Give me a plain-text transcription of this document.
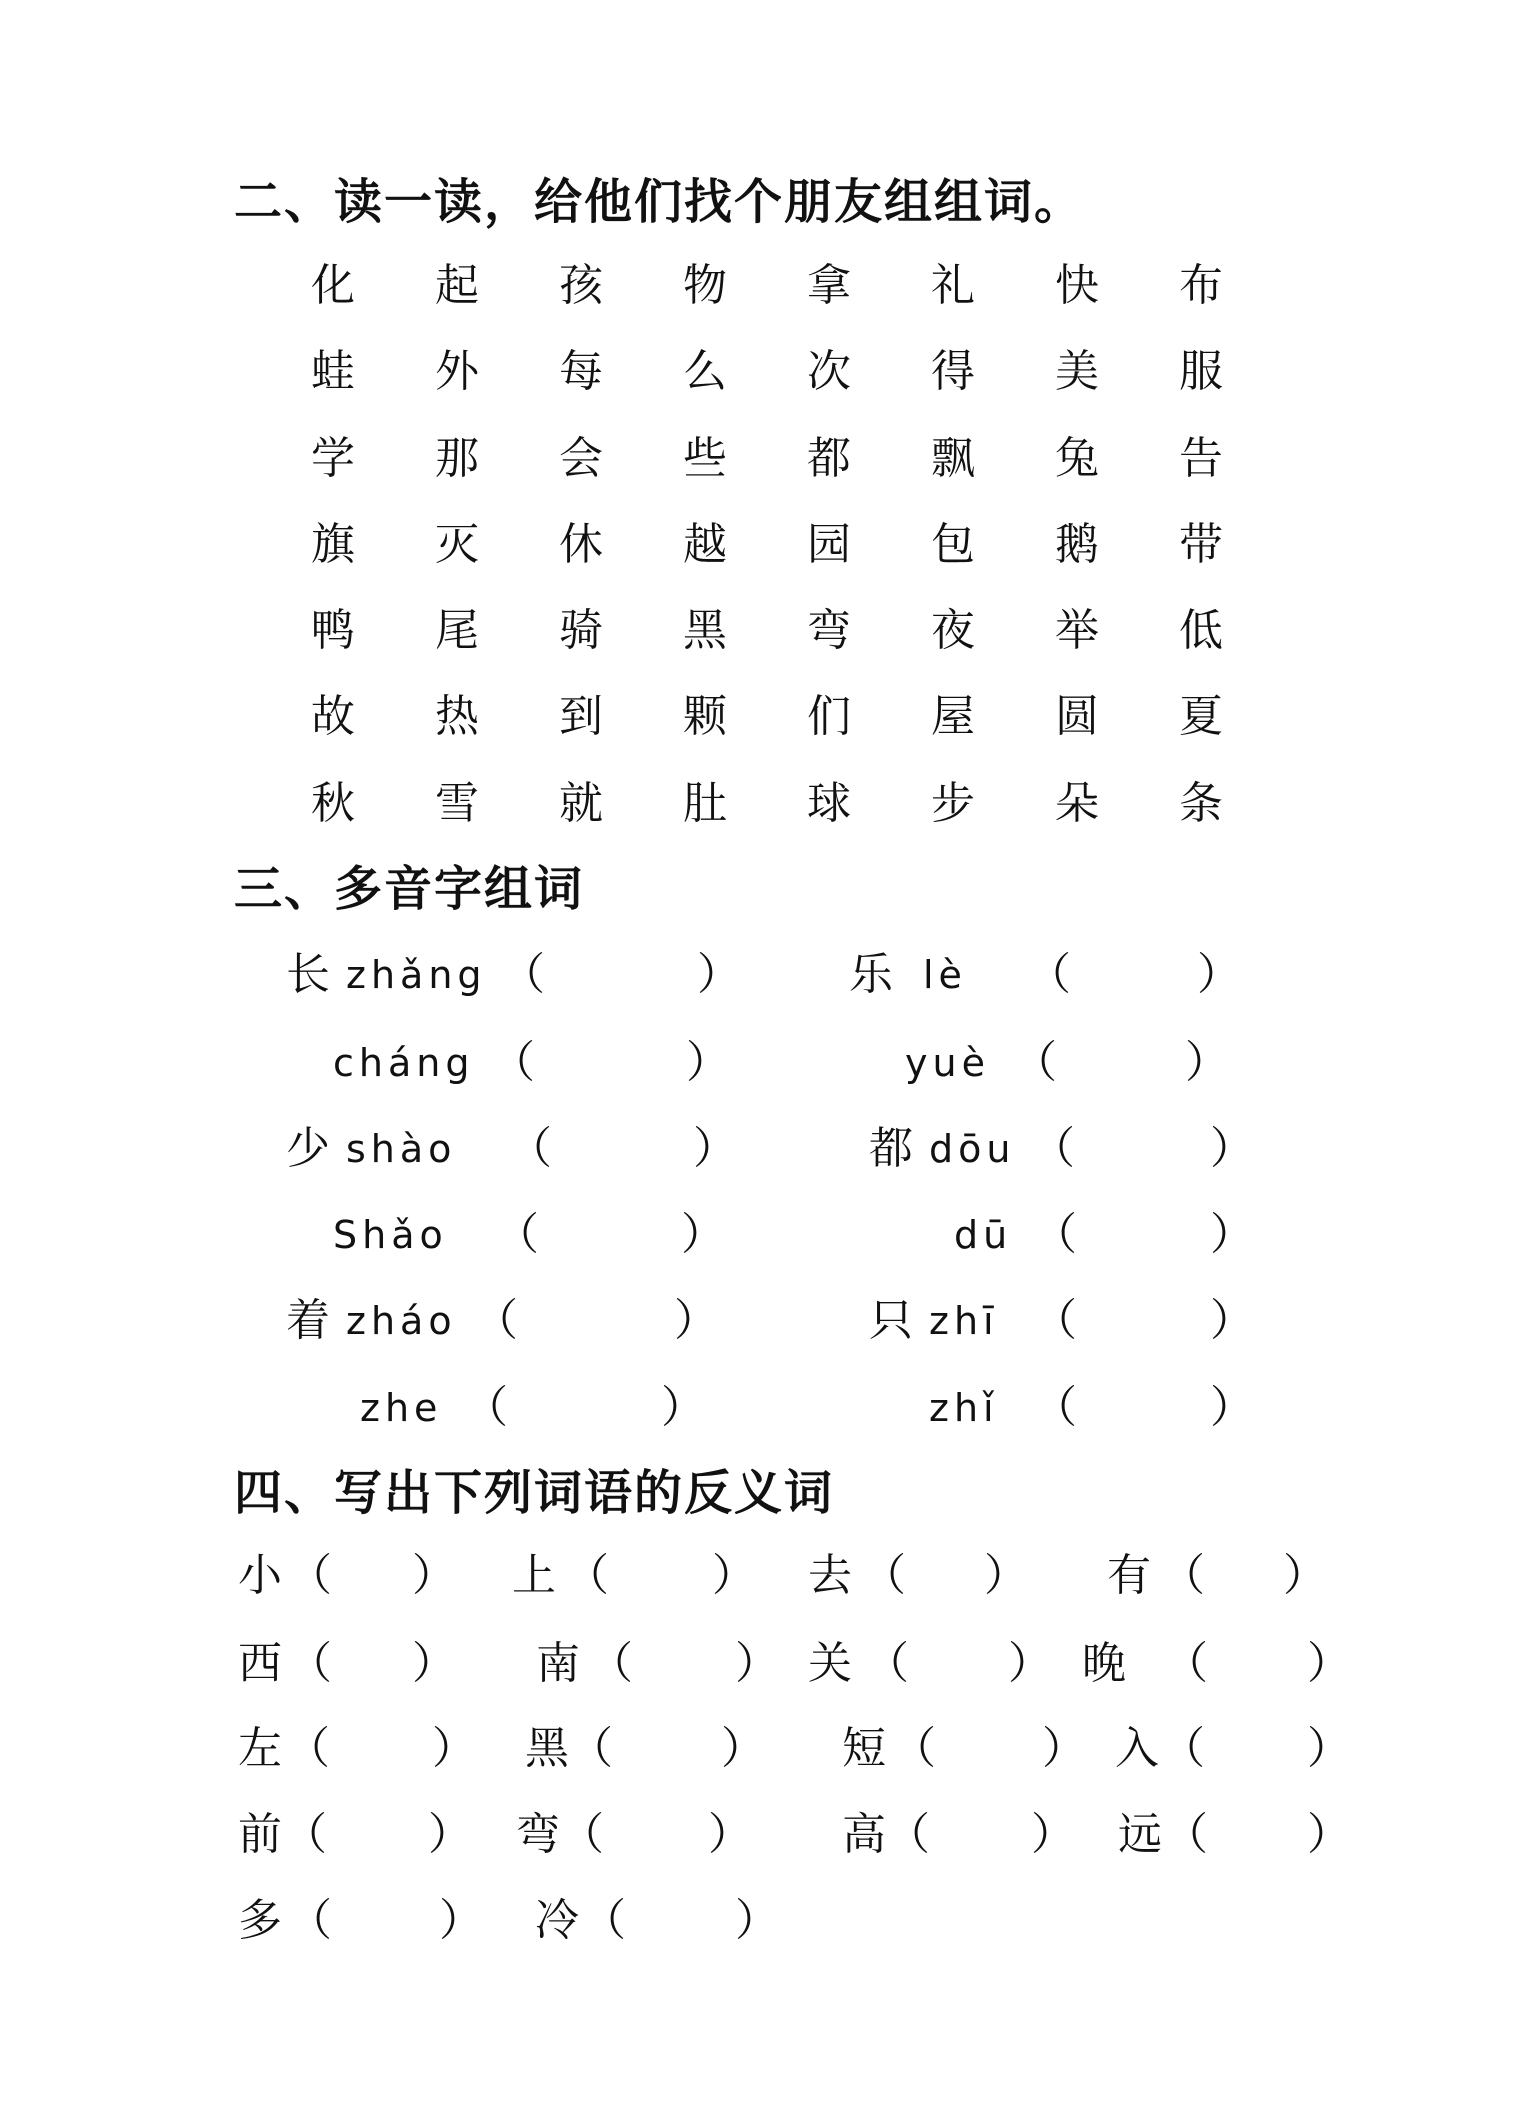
二、读一读，给他们找个朋友组组词。
化	起	孩	物	拿	礼	快	布
蛙	外	每	么	次	得	美	服
学	那	会	些	都	飘	兔	告
旗	灭	休	越	园	包	鹅	带
鸭	尾	骑	黑	弯	夜	举	低
故	热	到	颗	们	屋	圆	夏
秋	雪	就	肚	球	步	朵	条
三、多音字组词
长 zhǎng （	） 乐 lè （	）
cháng （	）	yuè （	）
少 shào （	）	都 dōu （	）
Shǎo （	）	dū （	）
着 zháo （	）	只 zhī （	）
zhe （	）	zhǐ （	）
四、写出下列词语的反义词
小 （ ） 上 （ ） 去 （ ） 有 （ ）
西 （ ） 南 （ ） 关 （ ） 晚 （ ）
左 （ ） 黑 （ ） 短 （ ） 入 （ ）
前 （ ） 弯 （ ） 高 （ ） 远 （ ）
多 （ ） 冷 （ ）
